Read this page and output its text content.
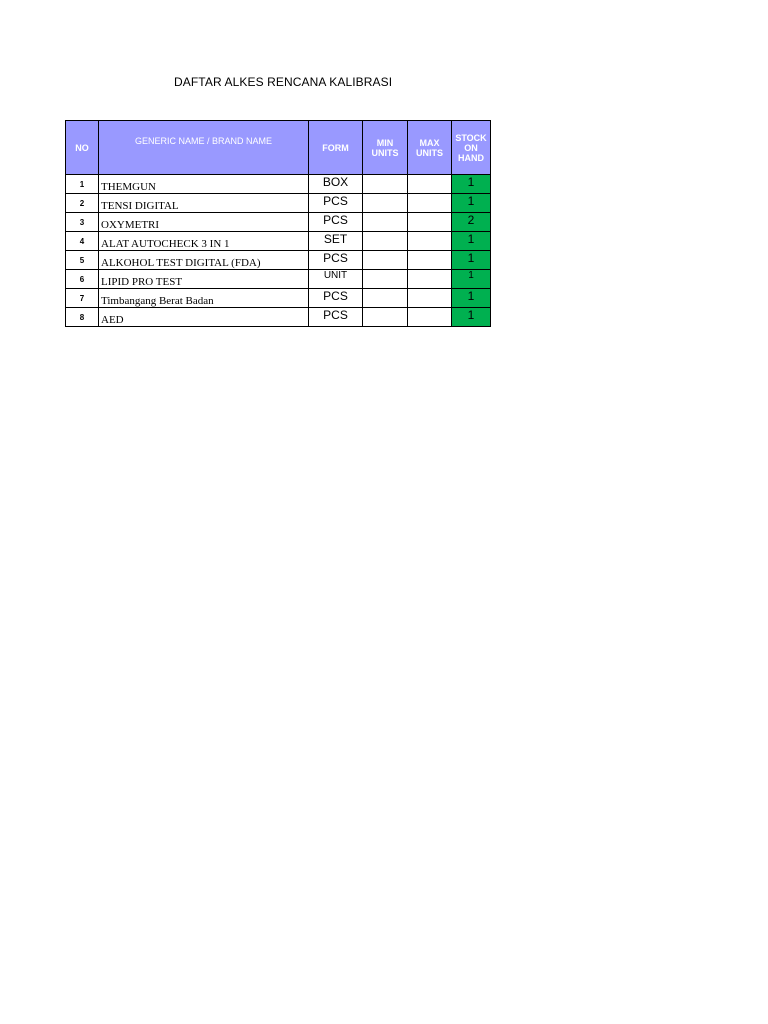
DAFTAR ALKES RENCANA KALIBRASI
NO	GENERIC NAME / BRAND NAME	FORM	MIN UNITS	MAX UNITS	STOCK ON HAND
1	THEMGUN	BOX			1
2	TENSI DIGITAL	PCS			1
3	OXYMETRI	PCS			2
4	ALAT AUTOCHECK 3 IN 1	SET			1
5	ALKOHOL TEST DIGITAL (FDA)	PCS			1
6	LIPID PRO TEST	UNIT			1
7	Timbangang Berat Badan	PCS			1
8	AED	PCS			1
